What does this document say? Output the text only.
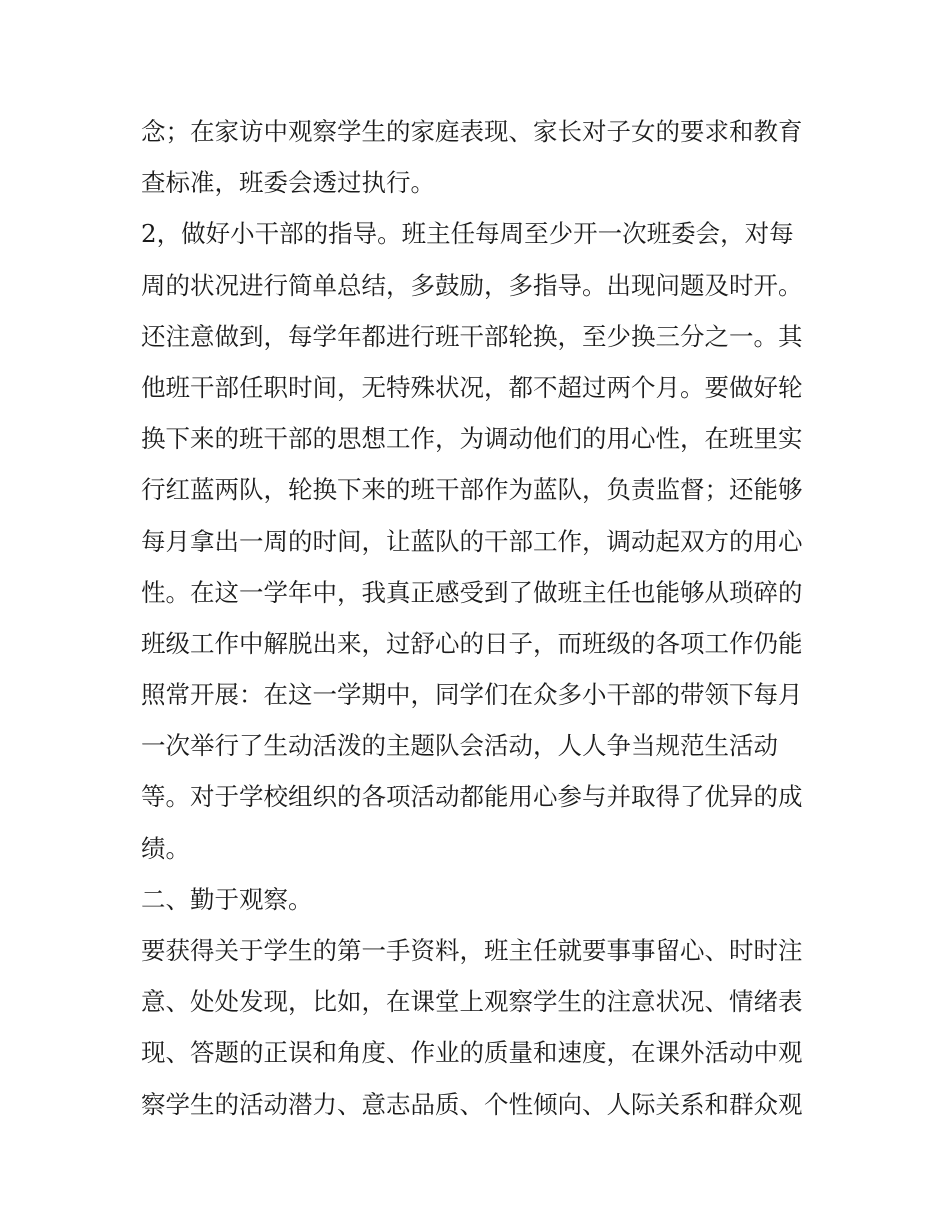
念；在家访中观察学生的家庭表现、家长对子女的要求和教育
查标准，班委会透过执行。
2，做好小干部的指导。班主任每周至少开一次班委会，对每
周的状况进行简单总结，多鼓励，多指导。出现问题及时开。
还注意做到，每学年都进行班干部轮换，至少换三分之一。其
他班干部任职时间，无特殊状况，都不超过两个月。要做好轮
换下来的班干部的思想工作，为调动他们的用心性，在班里实
行红蓝两队，轮换下来的班干部作为蓝队，负责监督；还能够
每月拿出一周的时间，让蓝队的干部工作，调动起双方的用心
性。在这一学年中，我真正感受到了做班主任也能够从琐碎的
班级工作中解脱出来，过舒心的日子，而班级的各项工作仍能
照常开展：在这一学期中，同学们在众多小干部的带领下每月
一次举行了生动活泼的主题队会活动，人人争当规范生活动
等。对于学校组织的各项活动都能用心参与并取得了优异的成
绩。
二、勤于观察。
要获得关于学生的第一手资料，班主任就要事事留心、时时注
意、处处发现，比如，在课堂上观察学生的注意状况、情绪表
现、答题的正误和角度、作业的质量和速度，在课外活动中观
察学生的活动潜力、意志品质、个性倾向、人际关系和群众观
